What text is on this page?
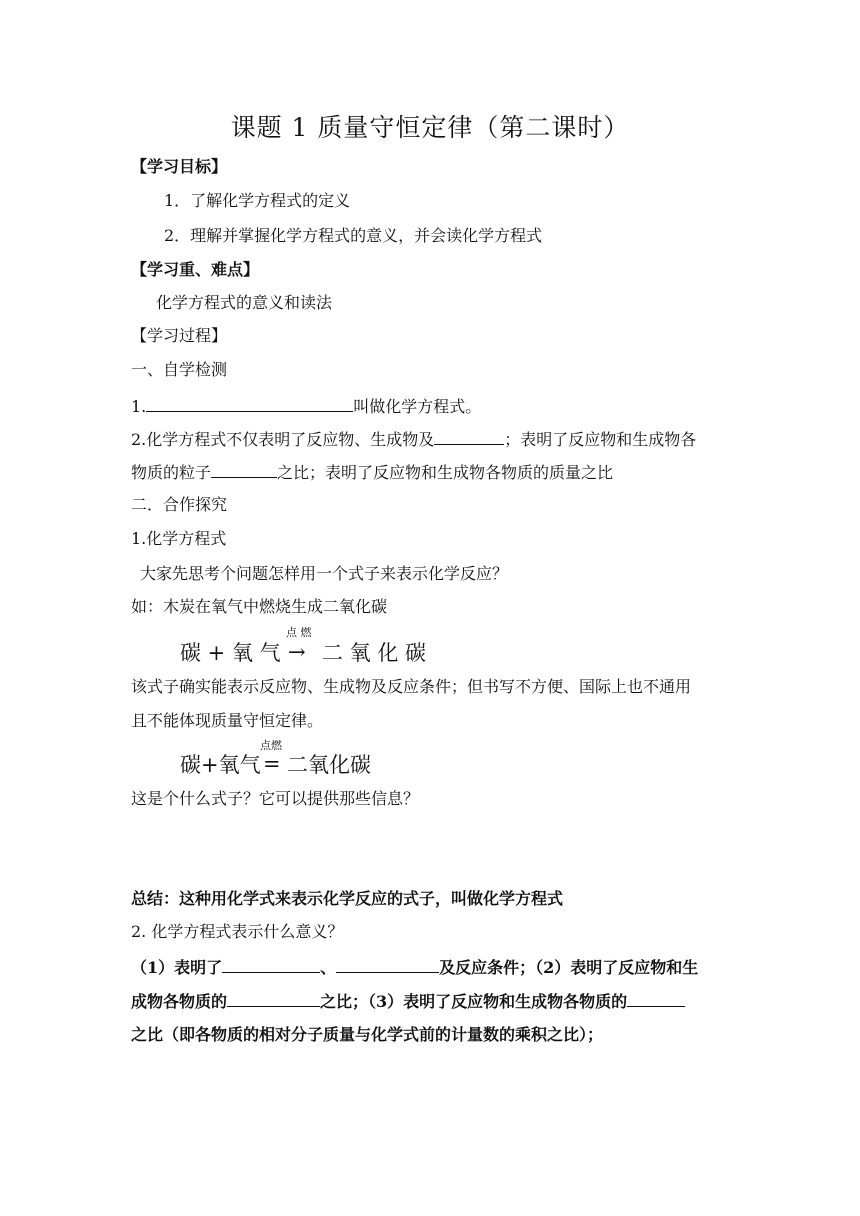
课题 1 质量守恒定律（第二课时）
【学习目标】
1．了解化学方程式的定义
2．理解并掌握化学方程式的意义，并会读化学方程式
【学习重、难点】
化学方程式的意义和读法
【学习过程】
一、自学检测
1.	叫做化学方程式。
2.化学方程式不仅表明了反应物、生成物及	；表明了反应物和生成物各
物质的粒子	之比；表明了反应物和生成物各物质的质量之比
二．合作探究
1.化学方程式
大家先思考个问题怎样用一个式子来表示化学反应？
如：木炭在氧气中燃烧生成二氧化碳
碳 + 氧 气
点 燃
→ 二 氧 化 碳
该式子确实能表示反应物、生成物及反应条件；但书写不方便、国际上也不通用
且不能体现质量守恒定律。
点燃
碳+氧气 = 二氧化碳
这是个什么式子？它可以提供那些信息？
总结：这种用化学式来表示化学反应的式子，叫做化学方程式
2. 化学方程式表示什么意义？
（1）表明了	、	及反应条件；（2）表明了反应物和生
成物各物质的	之比；（3）表明了反应物和生成物各物质的
之比（即各物质的相对分子质量与化学式前的计量数的乘积之比）；
